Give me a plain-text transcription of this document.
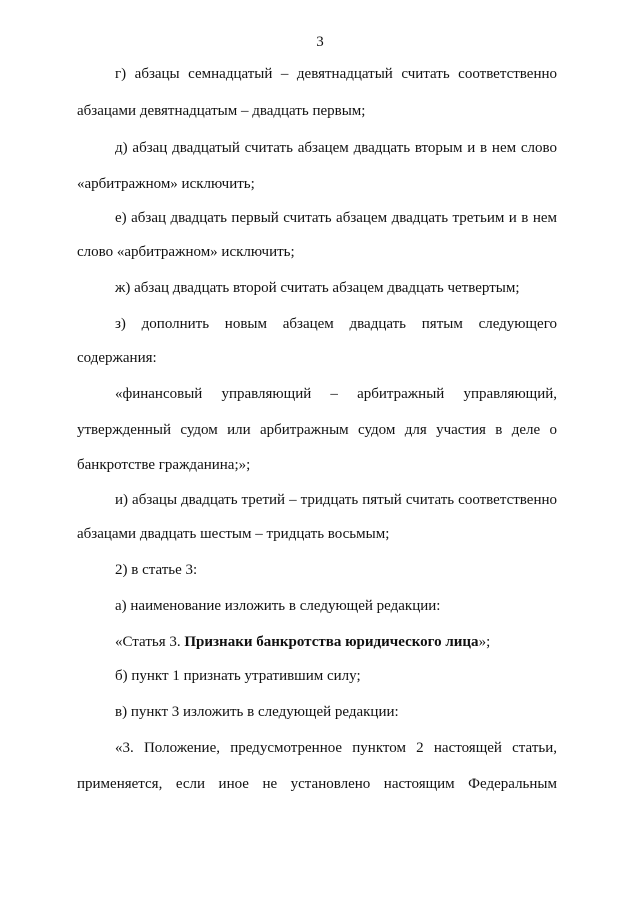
3
г) абзацы семнадцатый – девятнадцатый считать соответственно
абзацами девятнадцатым – двадцать первым;
д) абзац двадцатый считать абзацем двадцать вторым и в нем слово
«арбитражном» исключить;
е) абзац двадцать первый считать абзацем двадцать третьим и в нем
слово «арбитражном» исключить;
ж) абзац двадцать второй считать абзацем двадцать четвертым;
з) дополнить новым абзацем двадцать пятым следующего
содержания:
«финансовый управляющий – арбитражный управляющий,
утвержденный судом или арбитражным судом для участия в деле о
банкротстве гражданина;»;
и) абзацы двадцать третий – тридцать пятый считать соответственно
абзацами двадцать шестым – тридцать восьмым;
2) в статье 3:
а) наименование изложить в следующей редакции:
«Статья 3. Признаки банкротства юридического лица»;
б) пункт 1 признать утратившим силу;
в) пункт 3 изложить в следующей редакции:
«3. Положение, предусмотренное пунктом 2 настоящей статьи,
применяется, если иное не установлено настоящим Федеральным
